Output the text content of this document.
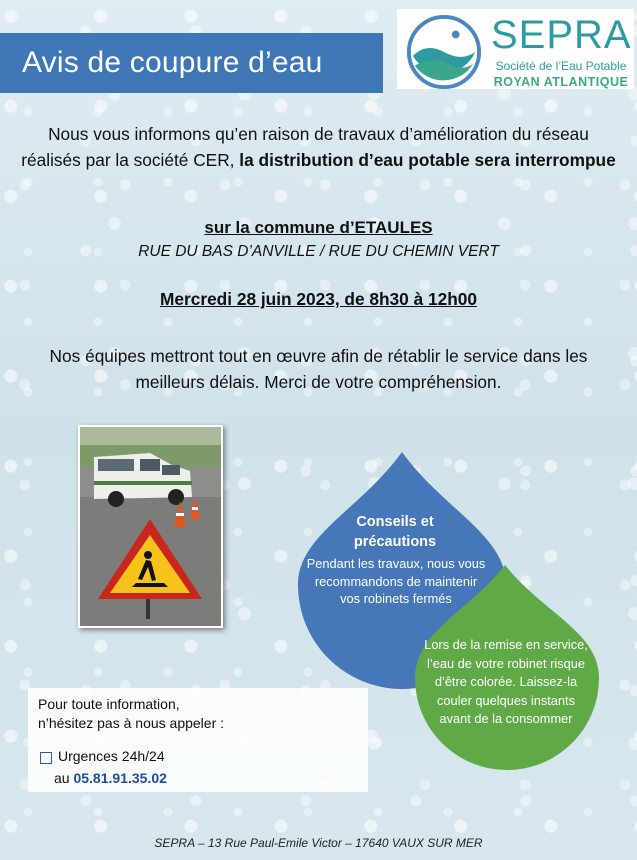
Avis de coupure d’eau
SEPRA
Société de l’Eau Potable
ROYAN ATLANTIQUE
Nous vous informons qu’en raison de travaux d’amélioration du réseau réalisés par la société CER, la distribution d’eau potable sera interrompue
sur la commune d’ETAULES
RUE DU BAS D’ANVILLE / RUE DU CHEMIN VERT
Mercredi 28 juin 2023, de 8h30 à 12h00
Nos équipes mettront tout en œuvre afin de rétablir le service dans les meilleurs délais. Merci de votre compréhension.
Conseils et précautions
Pendant les travaux, nous vous recommandons de maintenir vos robinets fermés
Lors de la remise en service, l’eau de votre robinet risque d’être colorée. Laissez-la couler quelques instants avant de la consommer
Pour toute information,
n’hésitez pas à nous appeler :
Urgences 24h/24
au 05.81.91.35.02
SEPRA – 13 Rue Paul-Emile Victor – 17640 VAUX SUR MER
